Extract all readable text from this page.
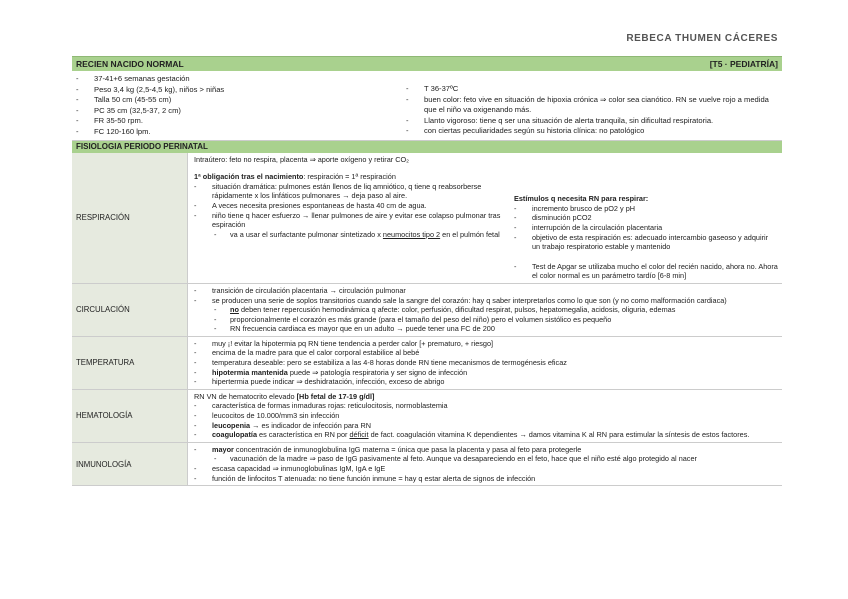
REBECA THUMEN CÁCERES
RECIEN NACIDO NORMAL	[T5 · PEDIATRÍA]
- 37-41+6 semanas gestación
- Peso 3,4 kg (2,5-4,5 kg), niños > niñas
- Talla 50 cm (45-55 cm)
- PC 35 cm (32,5-37, 2 cm)
- FR 35-50 rpm.
- FC 120-160 lpm.
- T 36-37ºC
- buen color: feto vive en situación de hipoxia crónica ⇒ color sea cianótico. RN se vuelve rojo a medida que el niño va oxigenando más.
- Llanto vigoroso: tiene q ser una situación de alerta tranquila, sin dificultad respiratoria.
- con ciertas peculiaridades según su historia clínica: no patológico
FISIOLOGIA PERIODO PERINATAL
RESPIRACIÓN
Intraútero: feto no respira, placenta ⇒ aporte oxígeno y retirar CO₂
1ª obligación tras el nacimiento: respiración = 1ª respiración
- situación dramática: pulmones están llenos de liq amniótico, q tiene q reabsorberse rápidamente x los linfáticos pulmonares → deja paso al aire.
- A veces necesita presiones espontaneas de hasta 40 cm de agua.
- niño tiene q hacer esfuerzo → llenar pulmones de aire y evitar ese colapso pulmonar tras espiración
- va a usar el surfactante pulmonar sintetizado x neumocitos tipo 2 en el pulmón fetal
Estímulos q necesita RN para respirar:
- incremento brusco de pO2 y pH
- disminución pCO2
- interrupción de la circulación placentaria
- objetivo de esta respiración es: adecuado intercambio gaseoso y adquirir un trabajo respiratorio estable y mantenido
- Test de Apgar se utilizaba mucho el color del recién nacido, ahora no. Ahora el color normal es un parámetro tardío [6-8 min]
CIRCULACIÓN
- transición de circulación placentaria → circulación pulmonar
- se producen una serie de soplos transitorios cuando sale la sangre del corazón: hay q saber interpretarlos como lo que son (y no como malformación cardiaca)
- no deben tener repercusión hemodinámica q afecte: color, perfusión, dificultad respirat, pulsos, hepatomegalia, acidosis, oliguria, edemas
- proporcionalmente el corazón es más grande (para el tamaño del peso del niño) pero el volumen sistólico es pequeño
- RN frecuencia cardiaca es mayor que en un adulto → puede tener una FC de 200
TEMPERATURA
- muy ¡! evitar la hipotermia pq RN tiene tendencia a perder calor [+ prematuro, + riesgo]
- encima de la madre para que el calor corporal estabilice al bebé
- temperatura deseable: pero se estabiliza a las 4-8 horas donde RN tiene mecanismos de termogénesis eficaz
- hipotermia mantenida puede ⇒ patología respiratoria y ser signo de infección
- hipertermia puede indicar ⇒ deshidratación, infección, exceso de abrigo
HEMATOLOGÍA
RN VN de hematocrito elevado [Hb fetal de 17-19 g/dl]
- característica de formas inmaduras rojas: reticulocitosis, normoblastemia
- leucocitos de 10.000/mm3 sin infección
- leucopenia → es indicador de infección para RN
- coagulopatía es característica en RN por déficit de fact. coagulación vitamina K dependientes → damos vitamina K al RN para estimular la síntesis de estos factores.
INMUNOLOGÍA
- mayor concentración de inmunoglobulina IgG materna = única que pasa la placenta y pasa al feto para protegerle
- vacunación de la madre ⇒ paso de IgG pasivamente al feto. Aunque va desapareciendo en el feto, hace que el niño esté algo protegido al nacer
- escasa capacidad ⇒ inmunoglobulinas IgM, IgA e IgE
- función de linfocitos T atenuada: no tiene función inmune = hay q estar alerta de signos de infección
